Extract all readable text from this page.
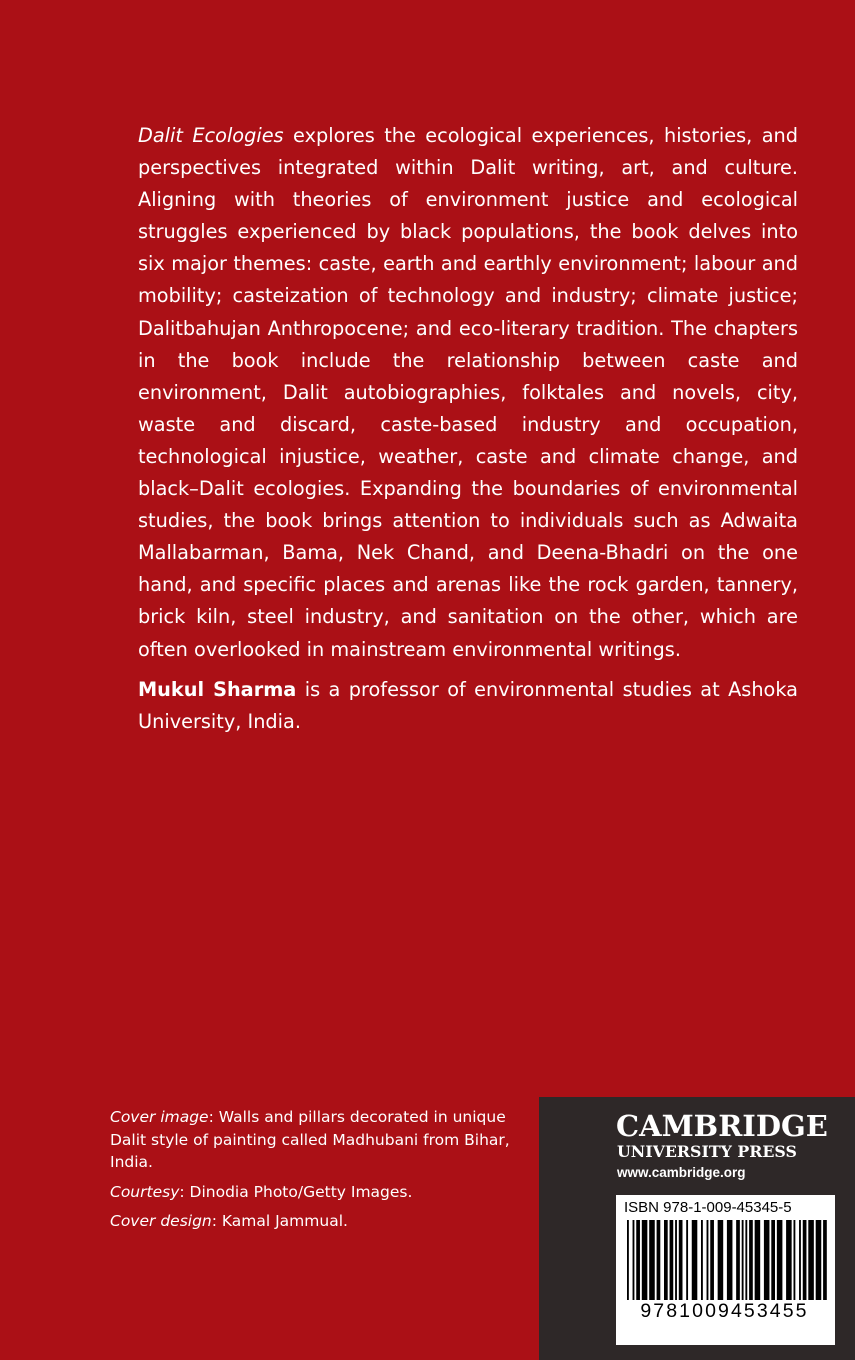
Dalit Ecologies explores the ecological experiences, histories, and perspectives integrated within Dalit writing, art, and culture. Aligning with theories of environment justice and ecological struggles experienced by black populations, the book delves into six major themes: caste, earth and earthly environment; labour and mobility; casteization of technology and industry; climate justice; Dalitbahujan Anthropocene; and eco-literary tradition. The chapters in the book include the relationship between caste and environment, Dalit autobiographies, folktales and novels, city, waste and discard, caste-based industry and occupation, technological injustice, weather, caste and climate change, and black–Dalit ecologies. Expanding the boundaries of environmental studies, the book brings attention to individuals such as Adwaita Mallabarman, Bama, Nek Chand, and Deena-Bhadri on the one hand, and specific places and arenas like the rock garden, tannery, brick kiln, steel industry, and sanitation on the other, which are often overlooked in mainstream environmental writings.

Mukul Sharma is a professor of environmental studies at Ashoka University, India.

Cover image: Walls and pillars decorated in unique Dalit style of painting called Madhubani from Bihar, India.

Courtesy: Dinodia Photo/Getty Images.

Cover design: Kamal Jammual.

CAMBRIDGE
UNIVERSITY PRESS
www.cambridge.org
ISBN 978-1-009-45345-5
9781009453455
